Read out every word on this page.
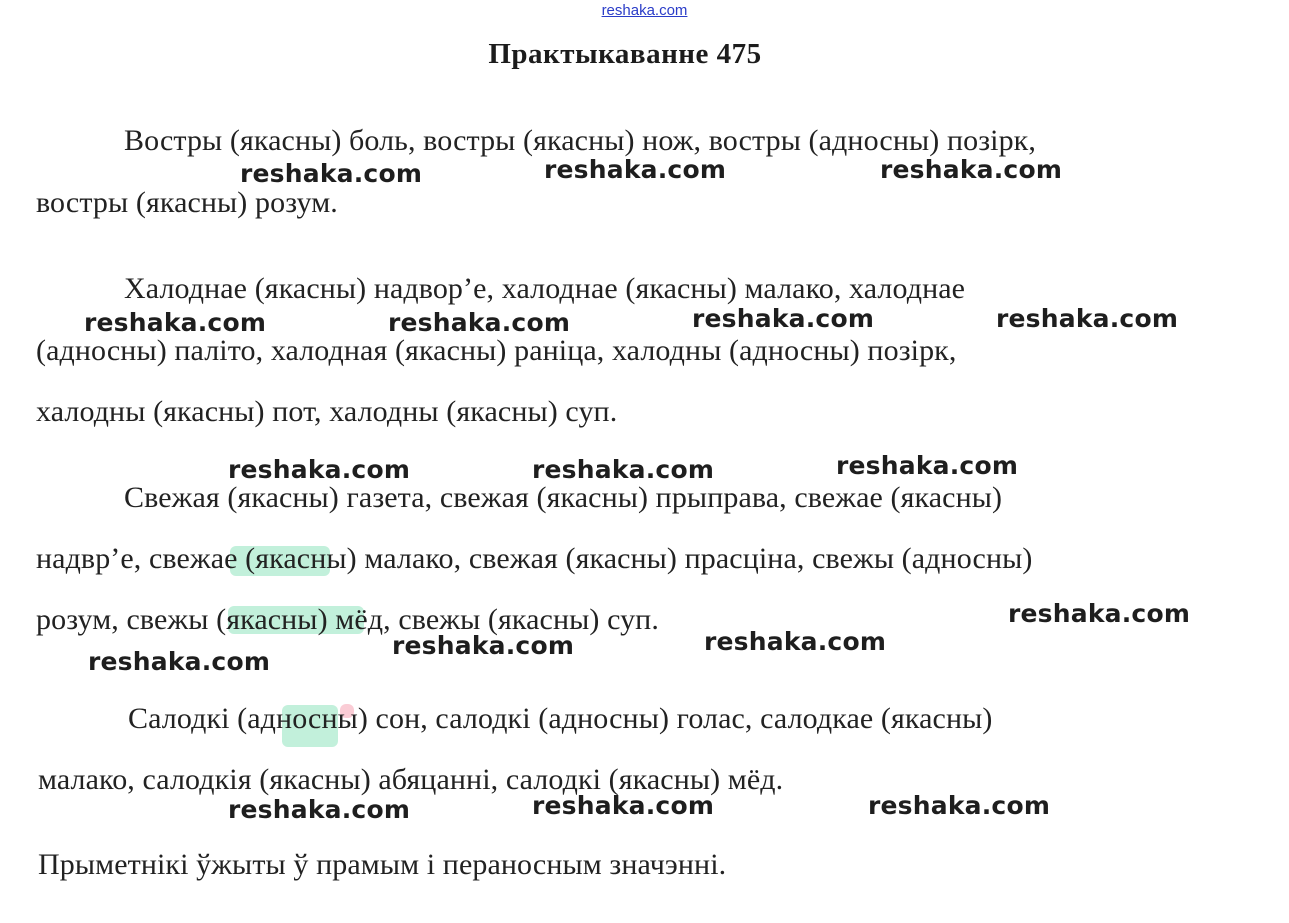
reshaka.com
Практыкаванне 475
Востры (якасны) боль, востры (якасны) нож, востры (адносны) позірк,
востры (якасны) розум.
Халоднае (якасны) надвор’е, халоднае (якасны) малако, халоднае
(адносны) паліто, халодная (якасны) раніца, халодны (адносны) позірк,
халодны (якасны) пот, халодны (якасны) суп.
Свежая (якасны) газета, свежая (якасны) прыправа, свежае (якасны)
надвр’е, свежае (якасны) малако, свежая (якасны) прасціна, свежы (адносны)
розум, свежы (якасны) мёд, свежы (якасны) суп.
Салодкі (адносны) сон, салодкі (адносны) голас, салодкае (якасны)
малако, салодкія (якасны) абяцанні, салодкі (якасны) мёд.
Прыметнікі ўжыты ў прамым і пераносным значэнні.
reshaka.com	reshaka.com	reshaka.com
reshaka.com	reshaka.com	reshaka.com	reshaka.com
reshaka.com	reshaka.com	reshaka.com
reshaka.com
reshaka.com
reshaka.com
reshaka.com
reshaka.com	reshaka.com	reshaka.com
